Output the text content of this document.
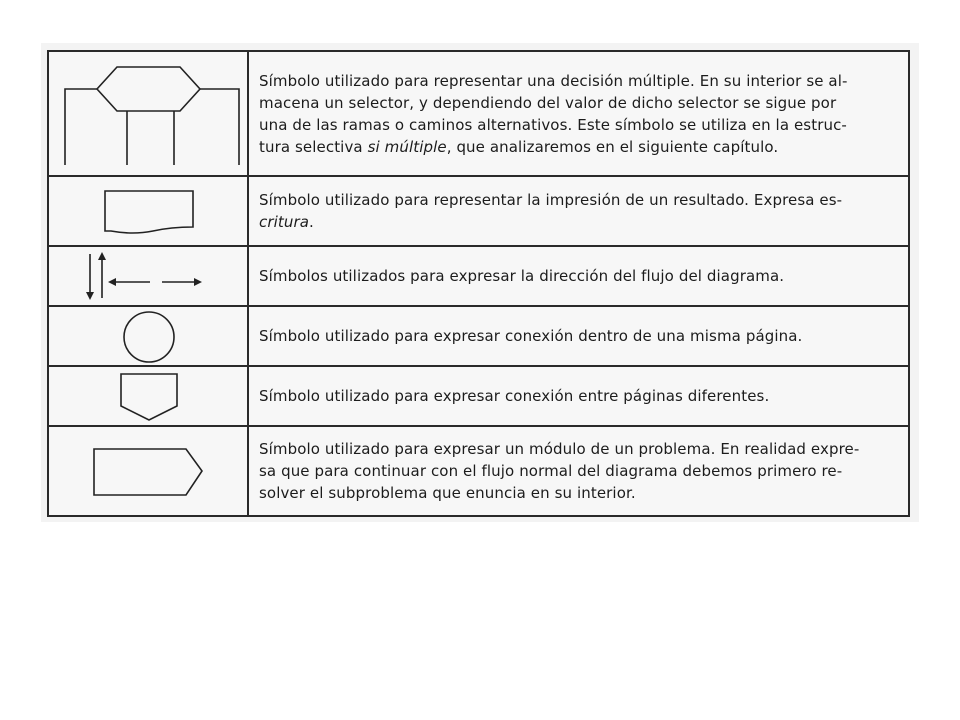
Símbolo utilizado para representar una decisión múltiple. En su interior se al-
macena un selector, y dependiendo del valor de dicho selector se sigue por
una de las ramas o caminos alternativos. Este símbolo se utiliza en la estruc-
tura selectiva si múltiple, que analizaremos en el siguiente capítulo.
Símbolo utilizado para representar la impresión de un resultado. Expresa es-
critura.
Símbolos utilizados para expresar la dirección del flujo del diagrama.
Símbolo utilizado para expresar conexión dentro de una misma página.
Símbolo utilizado para expresar conexión entre páginas diferentes.
Símbolo utilizado para expresar un módulo de un problema. En realidad expre-
sa que para continuar con el flujo normal del diagrama debemos primero re-
solver el subproblema que enuncia en su interior.
